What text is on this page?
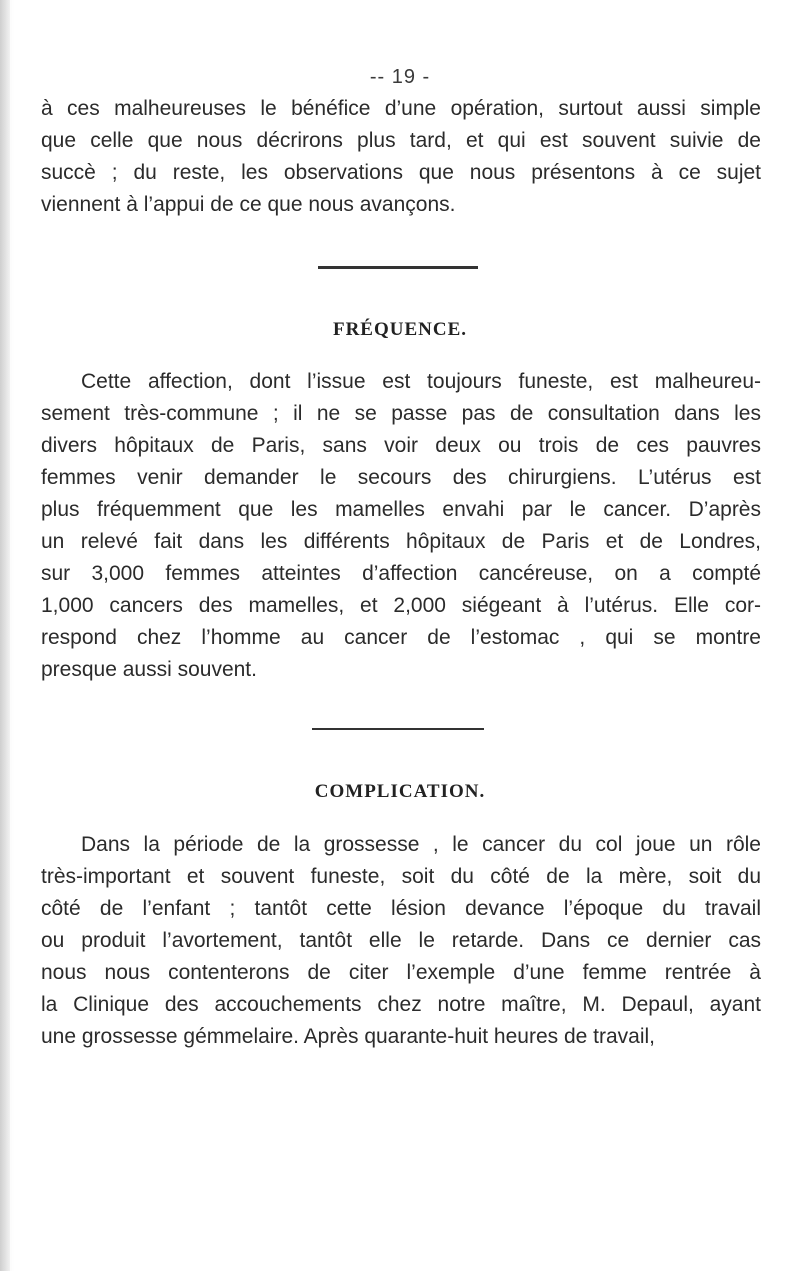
-- 19 -

à ces malheureuses le bénéfice d’une opération, surtout aussi simple
que celle que nous décrirons plus tard, et qui est souvent suivie de
succè ; du reste, les observations que nous présentons à ce sujet
viennent à l’appui de ce que nous avançons.

FRÉQUENCE.

Cette affection, dont l’issue est toujours funeste, est malheureu-
sement très-commune ; il ne se passe pas de consultation dans les
divers hôpitaux de Paris, sans voir deux ou trois de ces pauvres
femmes venir demander le secours des chirurgiens. L’utérus est
plus fréquemment que les mamelles envahi par le cancer. D’après
un relevé fait dans les différents hôpitaux de Paris et de Londres,
sur 3,000 femmes atteintes d’affection cancéreuse, on a compté
1,000 cancers des mamelles, et 2,000 siégeant à l’utérus. Elle cor-
respond chez l’homme au cancer de l’estomac , qui se montre
presque aussi souvent.

COMPLICATION.

Dans la période de la grossesse , le cancer du col joue un rôle
très-important et souvent funeste, soit du côté de la mère, soit du
côté de l’enfant ; tantôt cette lésion devance l’époque du travail
ou produit l’avortement, tantôt elle le retarde. Dans ce dernier cas
nous nous contenterons de citer l’exemple d’une femme rentrée à
la Clinique des accouchements chez notre maître, M. Depaul, ayant
une grossesse gémmelaire. Après quarante-huit heures de travail,
